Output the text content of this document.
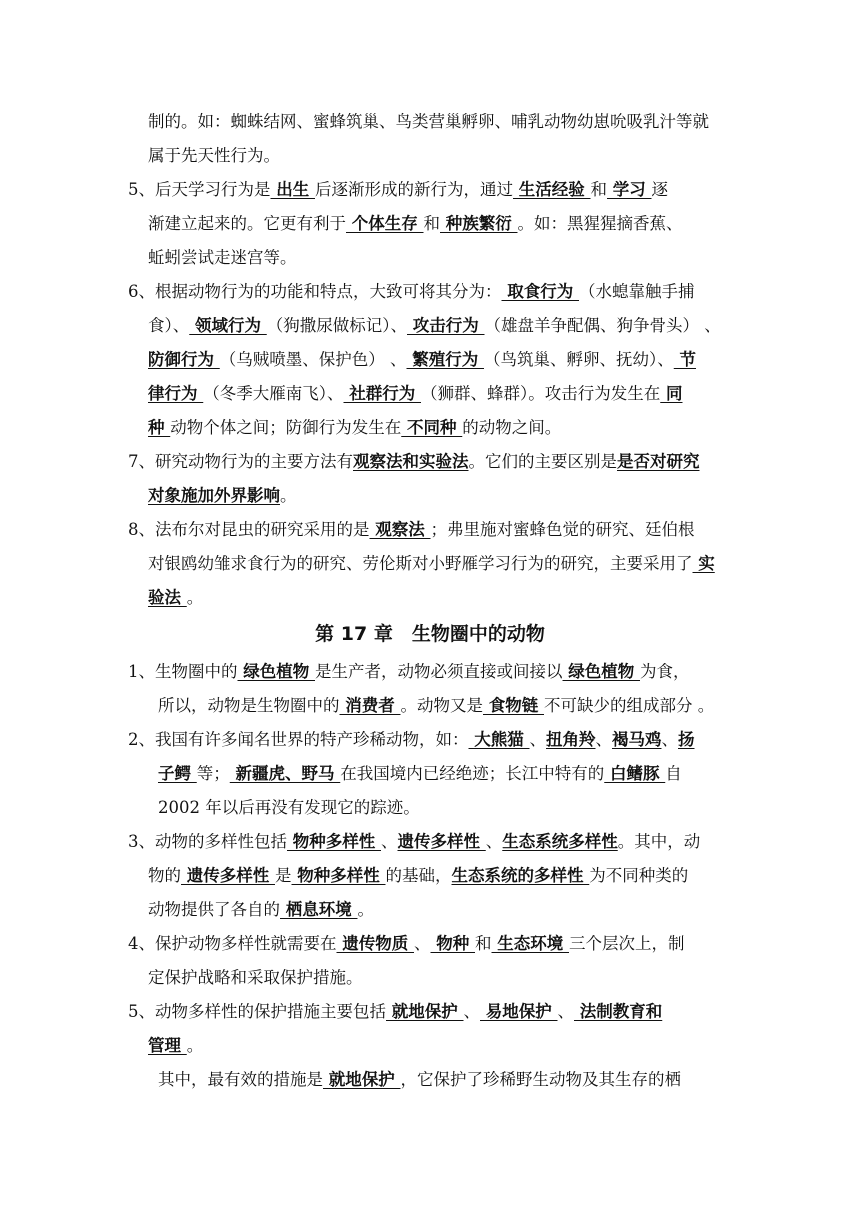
制的。如：蜘蛛结网、蜜蜂筑巢、鸟类营巢孵卵、哺乳动物幼崽吮吸乳汁等就
属于先天性行为。
5、后天学习行为是 出生 后逐渐形成的新行为，通过 生活经验 和 学习 逐
渐建立起来的。它更有利于 个体生存 和 种族繁衍 。如：黑猩猩摘香蕉、
蚯蚓尝试走迷宫等。
6、根据动物行为的功能和特点，大致可将其分为： 取食行为 （水螅靠触手捕
食）、 领域行为 （狗撒尿做标记）、 攻击行为 （雄盘羊争配偶、狗争骨头） 、
防御行为 （乌贼喷墨、保护色） 、 繁殖行为 （鸟筑巢、孵卵、抚幼）、 节
律行为 （冬季大雁南飞）、 社群行为 （狮群、蜂群）。攻击行为发生在 同
种 动物个体之间；防御行为发生在 不同种 的动物之间。
7、研究动物行为的主要方法有观察法和实验法。它们的主要区别是是否对研究
对象施加外界影响。
8、法布尔对昆虫的研究采用的是 观察法 ；弗里施对蜜蜂色觉的研究、廷伯根
对银鸥幼雏求食行为的研究、劳伦斯对小野雁学习行为的研究，主要采用了 实
验法 。
第 17 章　生物圈中的动物
1、生物圈中的 绿色植物 是生产者，动物必须直接或间接以 绿色植物 为食，
所以，动物是生物圈中的 消费者 。动物又是 食物链 不可缺少的组成部分 。
2、我国有许多闻名世界的特产珍稀动物，如： 大熊猫 、扭角羚、褐马鸡、扬
子鳄 等； 新疆虎、野马 在我国境内已经绝迹；长江中特有的 白鳍豚 自
2002 年以后再没有发现它的踪迹。
3、动物的多样性包括 物种多样性 、遗传多样性 、生态系统多样性。其中，动
物的 遗传多样性 是 物种多样性 的基础，生态系统的多样性 为不同种类的
动物提供了各自的 栖息环境 。
4、保护动物多样性就需要在 遗传物质 、 物种 和 生态环境 三个层次上，制
定保护战略和采取保护措施。
5、动物多样性的保护措施主要包括 就地保护 、 易地保护 、 法制教育和
管理 。
其中，最有效的措施是 就地保护 ，它保护了珍稀野生动物及其生存的栖
